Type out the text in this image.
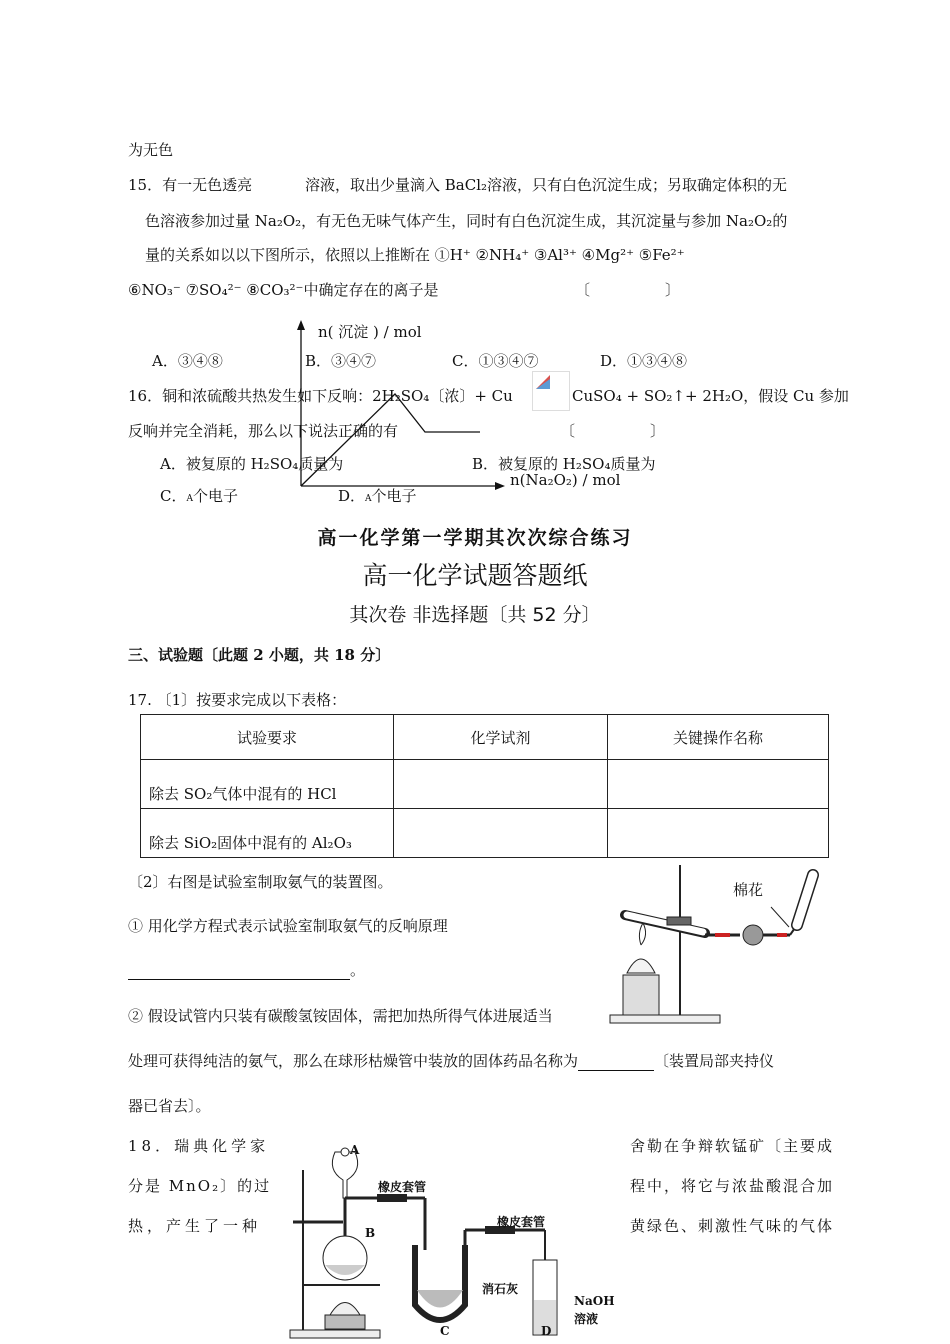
为无色
15．有一无色透亮	溶液，取出少量滴入 BaCl₂溶液，只有白色沉淀生成；另取确定体积的无
色溶液参加过量 Na₂O₂，有无色无味气体产生，同时有白色沉淀生成，其沉淀量与参加 Na₂O₂的
量的关系如以以下图所示，依照以上推断在 ①H⁺ ②NH₄⁺ ③Al³⁺ ④Mg²⁺ ⑤Fe²⁺
⑥NO₃⁻ ⑦SO₄²⁻ ⑧CO₃²⁻中确定存在的离子是	〔　　　　　〕
n( 沉淀 ) / mol
n(Na₂O₂) / mol
A．③④⑧	B．③④⑦	C．①③④⑦	D．①③④⑧
16．铜和浓硫酸共热发生如下反响：2H₂SO₄〔浓〕+ Cu	CuSO₄ + SO₂↑+ 2H₂O，假设 Cu 参加
反响并完全消耗，那么以下说法正确的有	〔　　　　　〕
A．被复原的 H₂SO₄质量为	B．被复原的 H₂SO₄质量为
C．A个电子	D．A个电子
高一化学第一学期其次次综合练习
高一化学试题答题纸
其次卷 非选择题〔共 52 分〕
三、试验题〔此题 2 小题，共 18 分〕
17. 〔1〕按要求完成以下表格：
试验要求	化学试剂	关键操作名称
除去 SO₂气体中混有的 HCl		
除去 SiO₂固体中混有的 Al₂O₃		
〔2〕右图是试验室制取氨气的装置图。
① 用化学方程式表示试验室制取氨气的反响原理
。
② 假设试管内只装有碳酸氢铵固体，需把加热所得气体进展适当
处理可获得纯洁的氨气，那么在球形枯燥管中装放的固体药品名称为	〔装置局部夹持仪
器已省去〕。
棉花
18．瑞典化学家	舍勒在争辩软锰矿〔主要成
分是 MnO₂〕的过	程中，将它与浓盐酸混合加
热，产生了一种	黄绿色、刺激性气味的气体
A
B
C	D
橡皮套管
橡皮套管
消石灰
NaOH
溶液
